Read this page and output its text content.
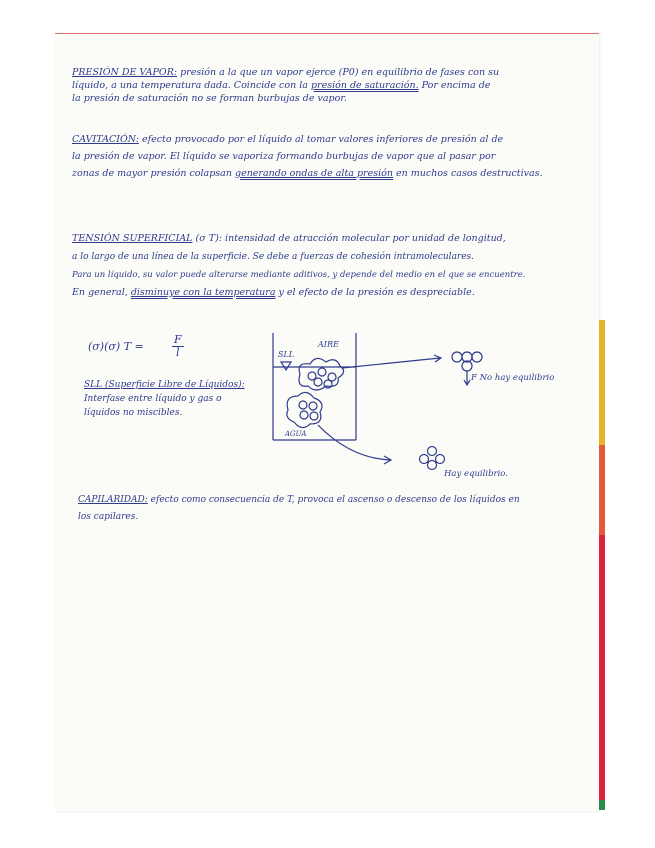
PRESIÓN DE VAPOR: presión a la que un vapor ejerce (P0) en equilibrio de fases con su
líquido, a una temperatura dada. Coincide con la presión de saturación. Por encima de
la presión de saturación no se forman burbujas de vapor.
CAVITACIÓN: efecto provocado por el líquido al tomar valores inferiores de presión al de
la presión de vapor. El líquido se vaporiza formando burbujas de vapor que al pasar por
zonas de mayor presión colapsan generando ondas de alta presión en muchos casos destructivas.
TENSIÓN SUPERFICIAL (σ T): intensidad de atracción molecular por unidad de longitud,
a lo largo de una línea de la superficie. Se debe a fuerzas de cohesión intramoleculares.
Para un líquido, su valor puede alterarse mediante aditivos, y depende del medio en el que se encuentre.
En general, disminuye con la temperatura y el efecto de la presión es despreciable.
(σ)(σ) T =	$\frac{F}{l}$
SLL (Superficie Libre de Líquidos):
Interfase entre líquido y gas o
líquidos no miscibles.
SLL
AIRE
AGUA
F No hay equilibrio
Hay equilibrio.
CAPILARIDAD: efecto como consecuencia de T, provoca el ascenso o descenso de los líquidos en
los capilares.
